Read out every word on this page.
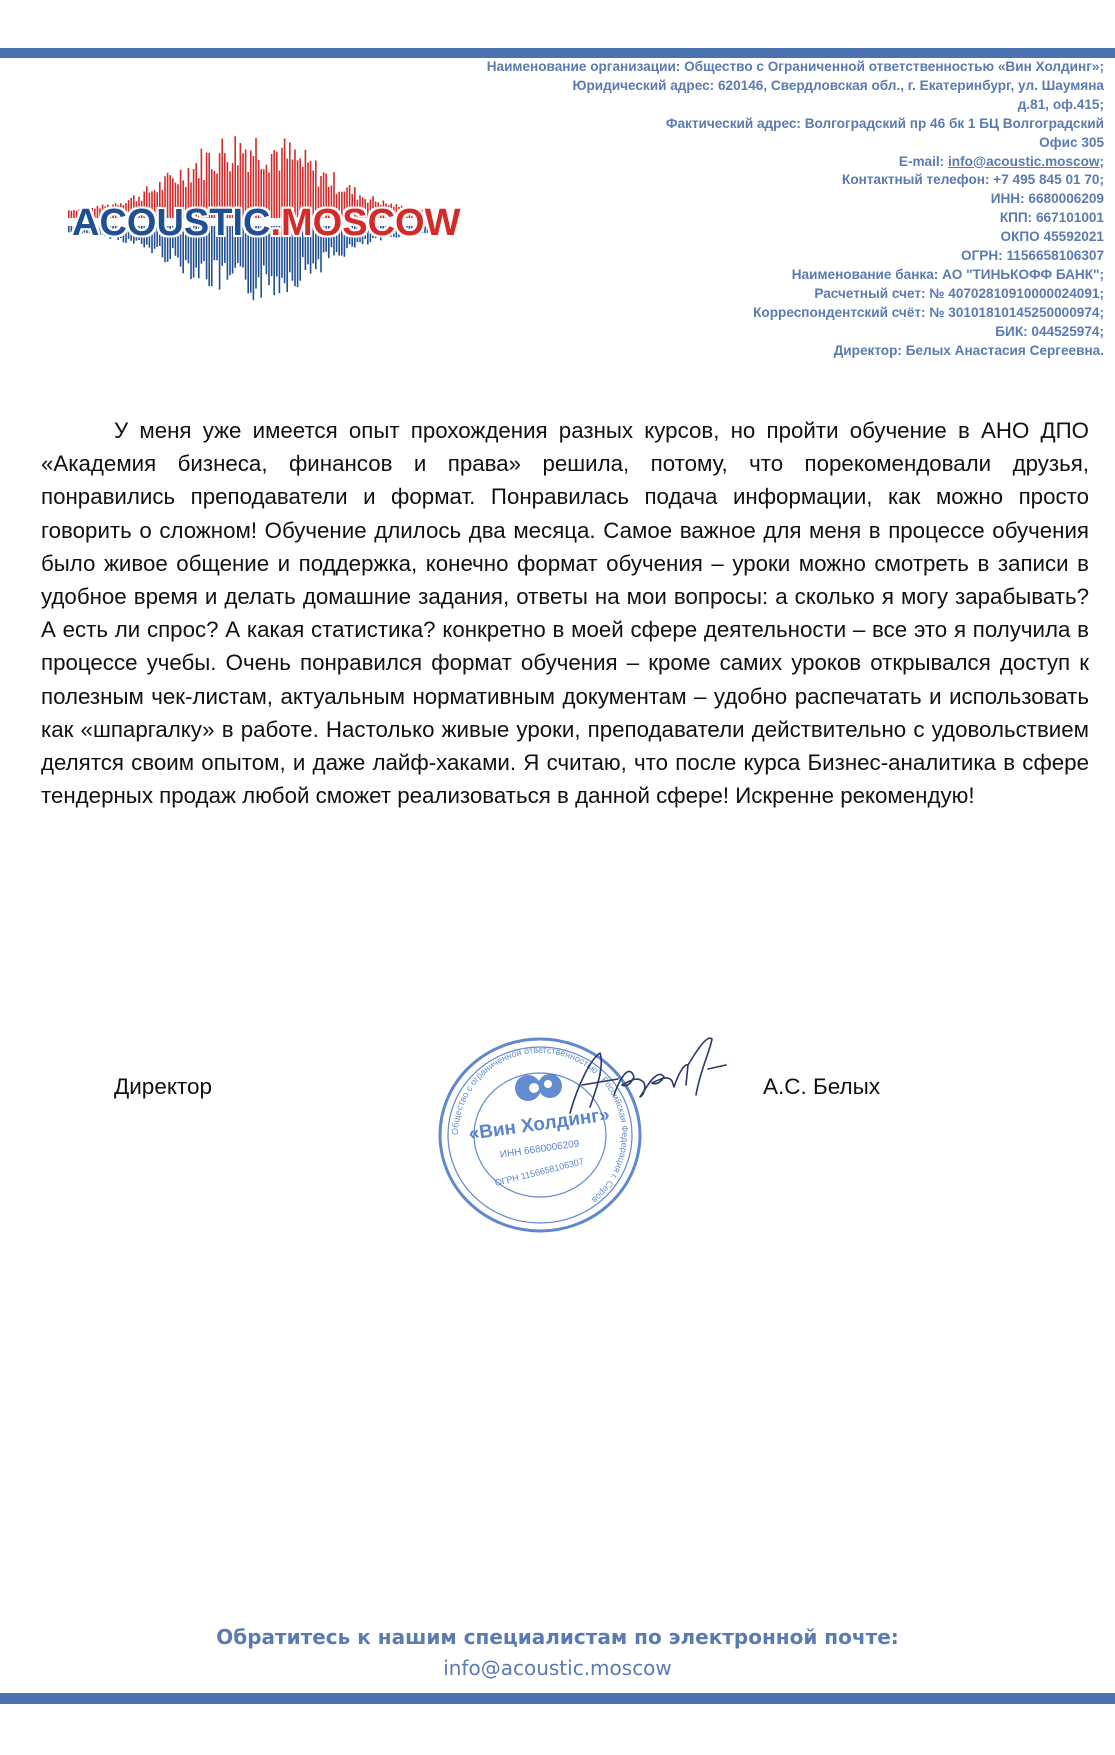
ACOUSTIC.MOSCOW
Наименование организации: Общество с Ограниченной ответственностью «Вин Холдинг»;
Юридический адрес: 620146, Свердловская обл., г. Екатеринбург, ул. Шаумяна
д.81, оф.415;
Фактический адрес: Волгоградский пр 46 бк 1 БЦ Волгоградский
Офис 305
E-mail: info@acoustic.moscow;
Контактный телефон: +7 495 845 01 70;
ИНН: 6680006209
КПП: 667101001
ОКПО 45592021
ОГРН: 1156658106307
Наименование банка: АО "ТИНЬКОФФ БАНК";
Расчетный счет: № 40702810910000024091;
Корреспондентский счёт: № 30101810145250000974;
БИК: 044525974;
Директор: Белых Анастасия Сергеевна.
У меня уже имеется опыт прохождения разных курсов, но пройти обучение в АНО ДПО «Академия бизнеса, финансов и права» решила, потому, что порекомендовали друзья, понравились преподаватели и формат. Понравилась подача информации, как можно просто говорить о сложном! Обучение длилось два месяца. Самое важное для меня в процессе обучения было живое общение и поддержка, конечно формат обучения – уроки можно смотреть в записи в удобное время и делать домашние задания, ответы на мои вопросы: а сколько я могу зарабывать? А есть ли спрос? А какая статистика? конкретно в моей сфере деятельности – все это я получила в процессе учебы. Очень понравился формат обучения – кроме самих уроков открывался доступ к полезным чек-листам, актуальным нормативным документам – удобно распечатать и использовать как «шпаргалку» в работе. Настолько живые уроки, преподаватели действительно с удовольствием делятся своим опытом, и даже лайф-хаками. Я считаю, что после курса Бизнес-аналитика в сфере тендерных продаж любой сможет реализоваться в данной сфере! Искренне рекомендую!
Директор
Общество с ограниченной ответственностью • Российская Федерация г. Серов
«Вин Холдинг»
ИНН 6680006209
ОГРН 1156658106307
А.С. Белых
Обратитесь к нашим специалистам по электронной почте:
info@acoustic.moscow
